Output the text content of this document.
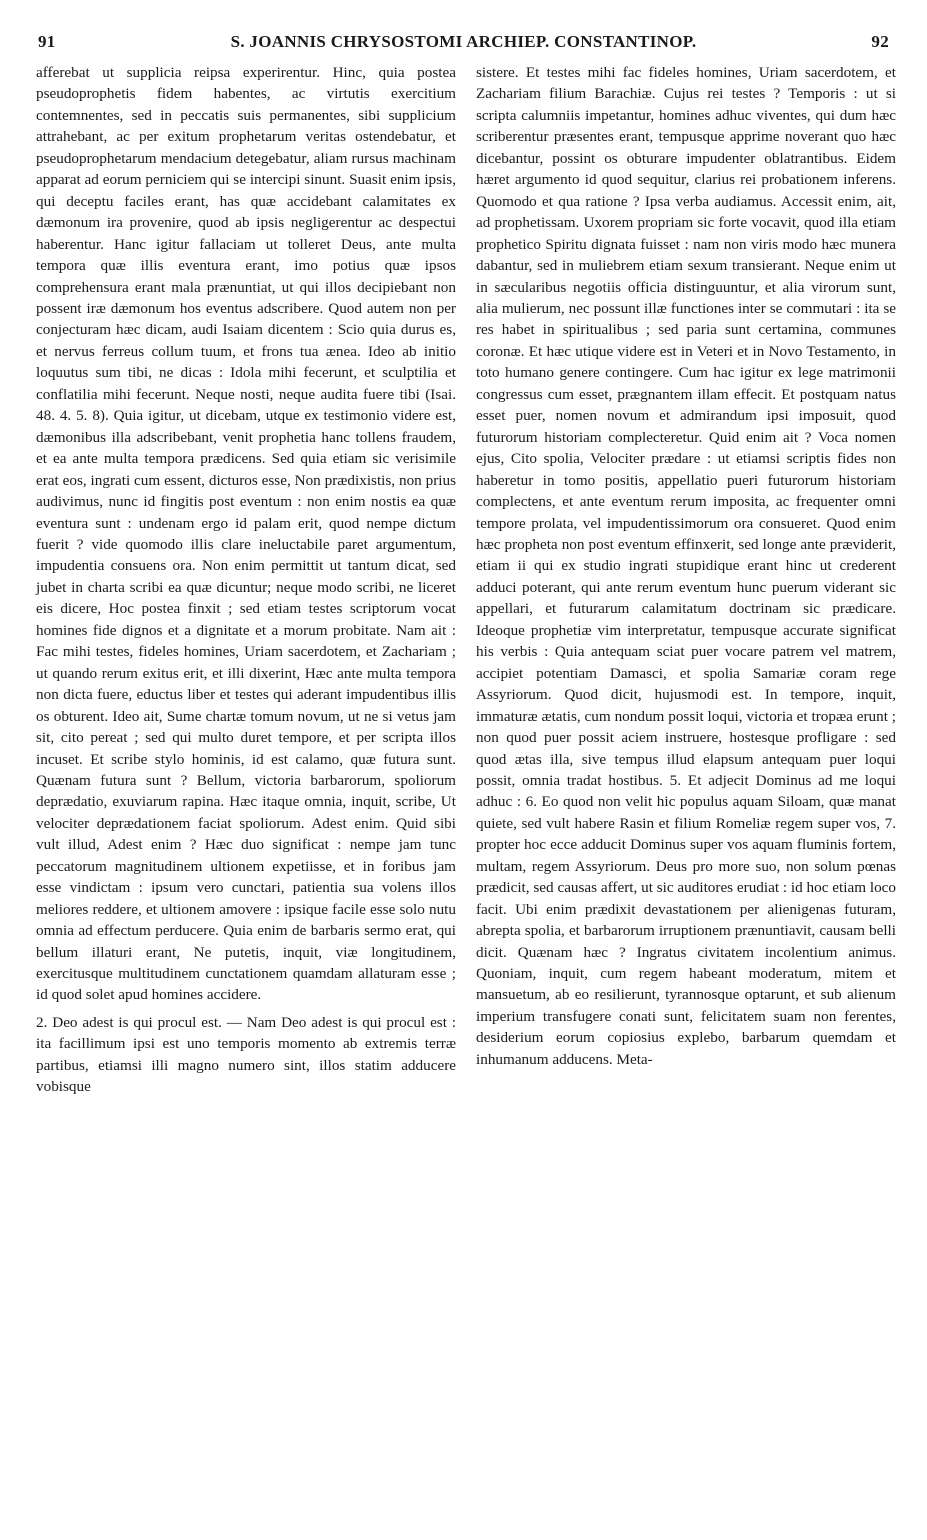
91	S. JOANNIS CHRYSOSTOMI ARCHIEP. CONSTANTINOP.	92

afferebat ut supplicia reipsa experirentur. Hinc, quia postea pseudoprophetis fidem habentes, ac virtutis exercitium contemnentes, sed in peccatis suis permanentes, sibi supplicium attrahebant, ac per exitum prophetarum veritas ostendebatur, et pseudoprophetarum mendacium detegebatur, aliam rursus machinam apparat ad eorum perniciem qui se intercipi sinunt. Suasit enim ipsis, qui deceptu faciles erant, has quæ accidebant calamitates ex dæmonum ira provenire, quod ab ipsis negligerentur ac despectui haberentur. Hanc igitur fallaciam ut tolleret Deus, ante multa tempora quæ illis eventura erant, imo potius quæ ipsos comprehensura erant mala prænuntiat, ut qui illos decipiebant non possent iræ dæmonum hos eventus adscribere. Quod autem non per conjecturam hæc dicam, audi Isaiam dicentem : Scio quia durus es, et nervus ferreus collum tuum, et frons tua ænea. Ideo ab initio loquutus sum tibi, ne dicas : Idola mihi fecerunt, et sculptilia et conflatilia mihi fecerunt. Neque nosti, neque audita fuere tibi (Isai. 48. 4. 5. 8). Quia igitur, ut dicebam, utque ex testimonio videre est, dæmonibus illa adscribebant, venit prophetia hanc tollens fraudem, et ea ante multa tempora prædicens. Sed quia etiam sic verisimile erat eos, ingrati cum essent, dicturos esse, Non prædixistis, non prius audivimus, nunc id fingitis post eventum : non enim nostis ea quæ eventura sunt : undenam ergo id palam erit, quod nempe dictum fuerit ? vide quomodo illis clare ineluctabile paret argumentum, impudentia consuens ora. Non enim permittit ut tantum dicat, sed jubet in charta scribi ea quæ dicuntur; neque modo scribi, ne liceret eis dicere, Hoc postea finxit ; sed etiam testes scriptorum vocat homines fide dignos et a dignitate et a morum probitate. Nam ait : Fac mihi testes, fideles homines, Uriam sacerdotem, et Zachariam ; ut quando rerum exitus erit, et illi dixerint, Hæc ante multa tempora non dicta fuere, eductus liber et testes qui aderant impudentibus illis os obturent. Ideo ait, Sume chartæ tomum novum, ut ne si vetus jam sit, cito pereat ; sed qui multo duret tempore, et per scripta illos incuset. Et scribe stylo hominis, id est calamo, quæ futura sunt. Quænam futura sunt ? Bellum, victoria barbarorum, spoliorum deprædatio, exuviarum rapina. Hæc itaque omnia, inquit, scribe, Ut velociter deprædationem faciat spoliorum. Adest enim. Quid sibi vult illud, Adest enim ? Hæc duo significat : nempe jam tunc peccatorum magnitudinem ultionem expetiisse, et in foribus jam esse vindictam : ipsum vero cunctari, patientia sua volens illos meliores reddere, et ultionem amovere : ipsique facile esse solo nutu omnia ad effectum perducere. Quia enim de barbaris sermo erat, qui bellum illaturi erant, Ne putetis, inquit, viæ longitudinem, exercitusque multitudinem cunctationem quamdam allaturam esse ; id quod solet apud homines accidere.

2. Deo adest is qui procul est. — Nam Deo adest is qui procul est : ita facillimum ipsi est uno temporis momento ab extremis terræ partibus, etiamsi illi magno numero sint, illos statim adducere vobisque

sistere. Et testes mihi fac fideles homines, Uriam sacerdotem, et Zachariam filium Barachiæ. Cujus rei testes ? Temporis : ut si scripta calumniis impetantur, homines adhuc viventes, qui dum hæc scriberentur præsentes erant, tempusque apprime noverant quo hæc dicebantur, possint os obturare impudenter oblatrantibus. Eidem hæret argumento id quod sequitur, clarius rei probationem inferens. Quomodo et qua ratione ? Ipsa verba audiamus. Accessit enim, ait, ad prophetissam. Uxorem propriam sic forte vocavit, quod illa etiam prophetico Spiritu dignata fuisset : nam non viris modo hæc munera dabantur, sed in muliebrem etiam sexum transierant. Neque enim ut in sæcularibus negotiis officia distinguuntur, et alia virorum sunt, alia mulierum, nec possunt illæ functiones inter se commutari : ita se res habet in spiritualibus ; sed paria sunt certamina, communes coronæ. Et hæc utique videre est in Veteri et in Novo Testamento, in toto humano genere contingere. Cum hac igitur ex lege matrimonii congressus cum esset, prægnantem illam effecit. Et postquam natus esset puer, nomen novum et admirandum ipsi imposuit, quod futurorum historiam complecteretur. Quid enim ait ? Voca nomen ejus, Cito spolia, Velociter prædare : ut etiamsi scriptis fides non haberetur in tomo positis, appellatio pueri futurorum historiam complectens, et ante eventum rerum imposita, ac frequenter omni tempore prolata, vel impudentissimorum ora consueret. Quod enim hæc propheta non post eventum effinxerit, sed longe ante præviderit, etiam ii qui ex studio ingrati stupidique erant hinc ut crederent adduci poterant, qui ante rerum eventum hunc puerum viderant sic appellari, et futurarum calamitatum doctrinam sic prædicare. Ideoque prophetiæ vim interpretatur, tempusque accurate significat his verbis : Quia antequam sciat puer vocare patrem vel matrem, accipiet potentiam Damasci, et spolia Samariæ coram rege Assyriorum. Quod dicit, hujusmodi est. In tempore, inquit, immaturæ ætatis, cum nondum possit loqui, victoria et tropæa erunt ; non quod puer possit aciem instruere, hostesque profligare : sed quod ætas illa, sive tempus illud elapsum antequam puer loqui possit, omnia tradat hostibus. 5. Et adjecit Dominus ad me loqui adhuc : 6. Eo quod non velit hic populus aquam Siloam, quæ manat quiete, sed vult habere Rasin et filium Romeliæ regem super vos, 7. propter hoc ecce adducit Dominus super vos aquam fluminis fortem, multam, regem Assyriorum. Deus pro more suo, non solum pœnas prædicit, sed causas affert, ut sic auditores erudiat : id hoc etiam loco facit. Ubi enim prædixit devastationem per alienigenas futuram, abrepta spolia, et barbarorum irruptionem prænuntiavit, causam belli dicit. Quænam hæc ? Ingratus civitatem incolentium animus. Quoniam, inquit, cum regem habeant moderatum, mitem et mansuetum, ab eo resilierunt, tyrannosque optarunt, et sub alienum imperium transfugere conati sunt, felicitatem suam non ferentes, desiderium eorum copiosius explebo, barbarum quemdam et inhumanum adducens. Meta-
